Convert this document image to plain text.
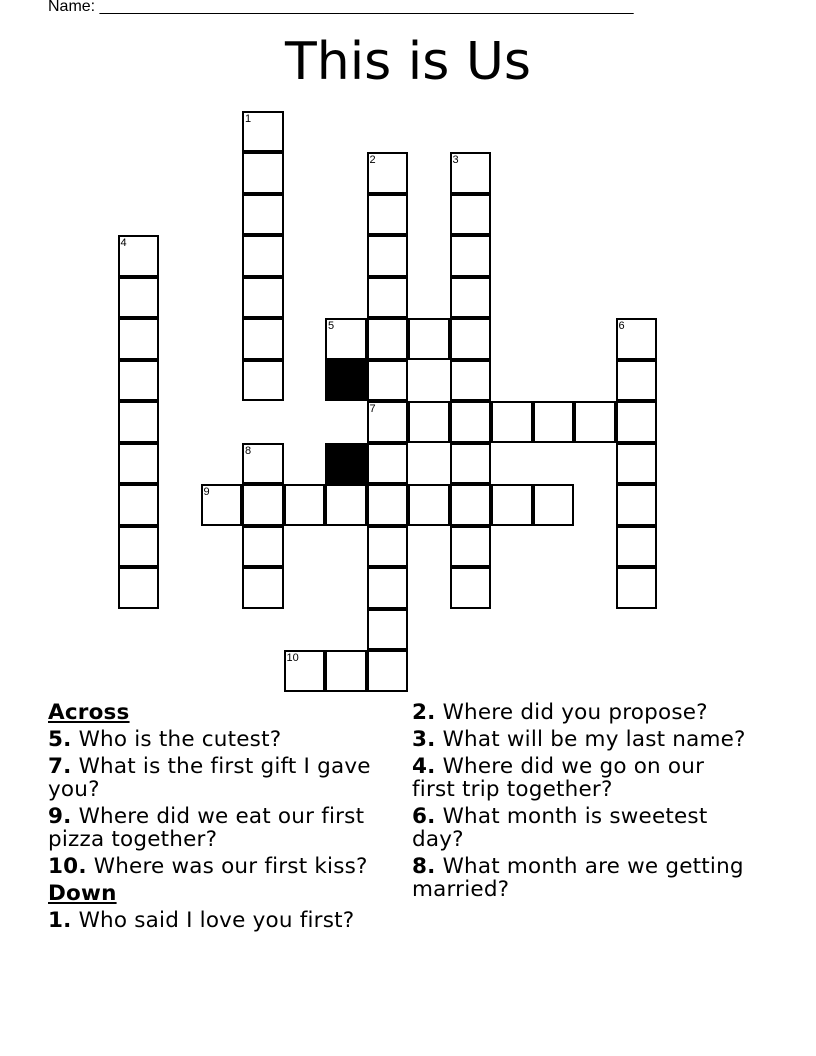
Name: ____________________________________________________________
This is Us
1
2
7
3
4
6
8
5
9
10
Across
5. Who is the cutest?
7. What is the first gift I gave you?
9. Where did we eat our first pizza together?
10. Where was our first kiss?
Down
1. Who said I love you first?
2. Where did you propose?
3. What will be my last name?
4. Where did we go on our first trip together?
6. What month is sweetest day?
8. What month are we getting married?
